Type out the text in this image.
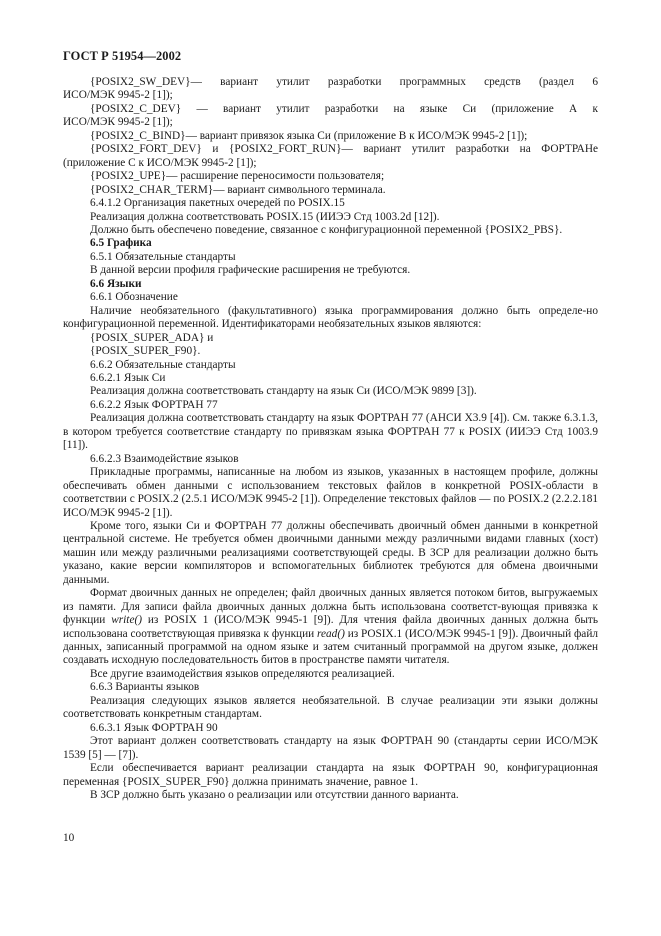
ГОСТ Р 51954—2002

{POSIX2_SW_DEV}— вариант утилит разработки программных средств (раздел 6

ИСО/МЭК 9945-2 [1]);

{POSIX2_C_DEV} — вариант утилит разработки на языке Си (приложение А к

ИСО/МЭК 9945-2 [1]);

{POSIX2_C_BIND}— вариант привязок языка Си (приложение В к ИСО/МЭК 9945-2 [1]);

{POSIX2_FORT_DEV} и {POSIX2_FORT_RUN}— вариант утилит разработки на ФОРТРАНе (приложение С к ИСО/МЭК 9945-2 [1]);

{POSIX2_UPE}— расширение переносимости пользователя;

{POSIX2_CHAR_TERM}— вариант символьного терминала.

6.4.1.2 Организация пакетных очередей по POSIX.15

Реализация должна соответствовать POSIX.15 (ИИЭЭ Стд 1003.2d [12]).

Должно быть обеспечено поведение, связанное с конфигурационной переменной {POSIX2_PBS}.

6.5 Графика

6.5.1 Обязательные стандарты

В данной версии профиля графические расширения не требуются.

6.6 Языки

6.6.1 Обозначение

Наличие необязательного (факультативного) языка программирования должно быть определе-но конфигурационной переменной. Идентификаторами необязательных языков являются:

{POSIX_SUPER_ADA} и

{POSIX_SUPER_F90}.

6.6.2 Обязательные стандарты

6.6.2.1 Язык Си

Реализация должна соответствовать стандарту на язык Си (ИСО/МЭК 9899 [3]).

6.6.2.2 Язык ФОРТРАН 77

Реализация должна соответствовать стандарту на язык ФОРТРАН 77 (АНСИ X3.9 [4]). См. также 6.3.1.3, в котором требуется соответствие стандарту по привязкам языка ФОРТРАН 77 к POSIX (ИИЭЭ Стд 1003.9 [11]).

6.6.2.3 Взаимодействие языков

Прикладные программы, написанные на любом из языков, указанных в настоящем профиле, должны обеспечивать обмен данными с использованием текстовых файлов в конкретной POSIX-области в соответствии с POSIX.2 (2.5.1 ИСО/МЭК 9945-2 [1]). Определение текстовых файлов — по POSIX.2 (2.2.2.181 ИСО/МЭК 9945-2 [1]).

Кроме того, языки Си и ФОРТРАН 77 должны обеспечивать двоичный обмен данными в конкретной центральной системе. Не требуется обмен двоичными данными между различными видами главных (хост) машин или между различными реализациями соответствующей среды. В ЗСР для реализации должно быть указано, какие версии компиляторов и вспомогательных библиотек требуются для обмена двоичными данными.

Формат двоичных данных не определен; файл двоичных данных является потоком битов, выгружаемых из памяти. Для записи файла двоичных данных должна быть использована соответст-вующая привязка к функции write() из POSIX 1 (ИСО/МЭК 9945-1 [9]). Для чтения файла двоичных данных должна быть использована соответствующая привязка к функции read() из POSIX.1 (ИСО/МЭК 9945-1 [9]). Двоичный файл данных, записанный программой на одном языке и затем считанный программой на другом языке, должен создавать исходную последовательность битов в пространстве памяти читателя.

Все другие взаимодействия языков определяются реализацией.

6.6.3 Варианты языков

Реализация следующих языков является необязательной. В случае реализации эти языки должны соответствовать конкретным стандартам.

6.6.3.1 Язык ФОРТРАН 90

Этот вариант должен соответствовать стандарту на язык ФОРТРАН 90 (стандарты серии ИСО/МЭК 1539 [5] — [7]).

Если обеспечивается вариант реализации стандарта на язык ФОРТРАН 90, конфигурационная переменная {POSIX_SUPER_F90} должна принимать значение, равное 1.

В ЗСР должно быть указано о реализации или отсутствии данного варианта.

10
